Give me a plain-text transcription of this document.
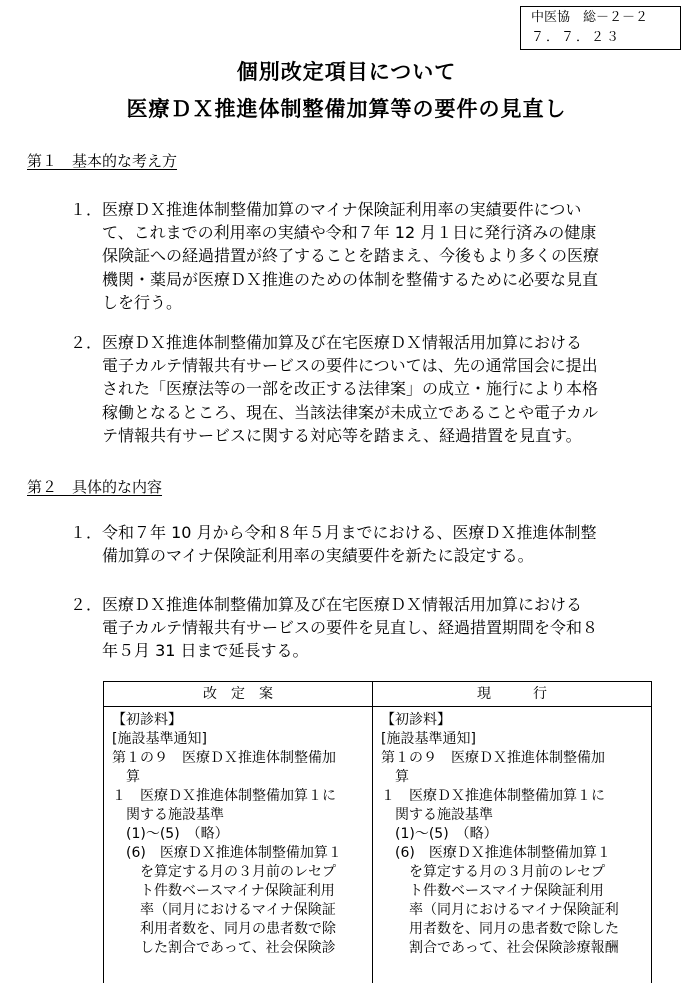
中医協　総－２－２
７．７．２３
個別改定項目について
医療ＤＸ推進体制整備加算等の要件の見直し
第１　基本的な考え方
１．医療ＤＸ推進体制整備加算のマイナ保険証利用率の実績要件につい
　　て、これまでの利用率の実績や令和７年 12 月１日に発行済みの健康
　　保険証への経過措置が終了することを踏まえ、今後もより多くの医療
　　機関・薬局が医療ＤＸ推進のための体制を整備するために必要な見直
　　しを行う。
２．医療ＤＸ推進体制整備加算及び在宅医療ＤＸ情報活用加算における
　　電子カルテ情報共有サービスの要件については、先の通常国会に提出
　　された「医療法等の一部を改正する法律案」の成立・施行により本格
　　稼働となるところ、現在、当該法律案が未成立であることや電子カル
　　テ情報共有サービスに関する対応等を踏まえ、経過措置を見直す。
第２　具体的な内容
１．令和７年 10 月から令和８年５月までにおける、医療ＤＸ推進体制整
　　備加算のマイナ保険証利用率の実績要件を新たに設定する。
２．医療ＤＸ推進体制整備加算及び在宅医療ＤＸ情報活用加算における
　　電子カルテ情報共有サービスの要件を見直し、経過措置期間を令和８
　　年５月 31 日まで延長する。
改　定　案	現　　　行
【初診料】
[施設基準通知]
第１の９　医療ＤＸ推進体制整備加
　算
１　医療ＤＸ推進体制整備加算１に
　関する施設基準
　(1)～(5)　（略）
　(6)　医療ＤＸ推進体制整備加算１
　　を算定する月の３月前のレセプ
　　ト件数ベースマイナ保険証利用
　　率（同月におけるマイナ保険証
　　利用者数を、同月の患者数で除
　　した割合であって、社会保険診
【初診料】
[施設基準通知]
第１の９　医療ＤＸ推進体制整備加
　算
１　医療ＤＸ推進体制整備加算１に
　関する施設基準
　(1)～(5)　（略）
　(6)　医療ＤＸ推進体制整備加算１
　　を算定する月の３月前のレセプ
　　ト件数ベースマイナ保険証利用
　　率（同月におけるマイナ保険証利
　　用者数を、同月の患者数で除した
　　割合であって、社会保険診療報酬
